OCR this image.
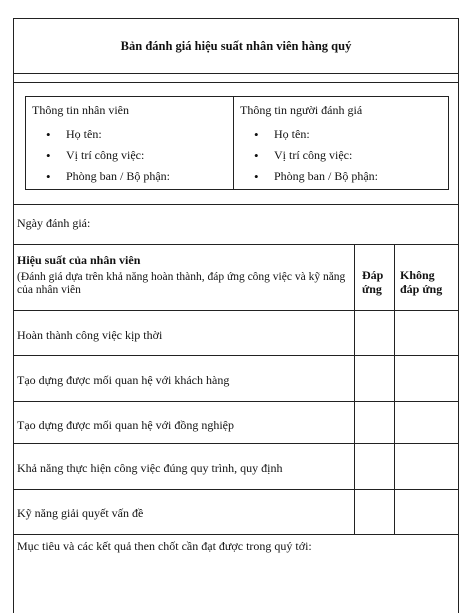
Bản đánh giá hiệu suất nhân viên hàng quý
Thông tin nhân viên
• Họ tên:
• Vị trí công việc:
• Phòng ban / Bộ phận:
Thông tin người đánh giá
• Họ tên:
• Vị trí công việc:
• Phòng ban / Bộ phận:
Ngày đánh giá:
Hiệu suất của nhân viên
(Đánh giá dựa trên khả năng hoàn thành, đáp ứng công việc và kỹ năng của nhân viên
Đáp ứng
Không đáp ứng
Hoàn thành công việc kịp thời
Tạo dựng được mối quan hệ với khách hàng
Tạo dựng được mối quan hệ với đồng nghiệp
Khả năng thực hiện công việc đúng quy trình, quy định
Kỹ năng giải quyết vấn đề
Mục tiêu và các kết quả then chốt cần đạt được trong quý tới:
